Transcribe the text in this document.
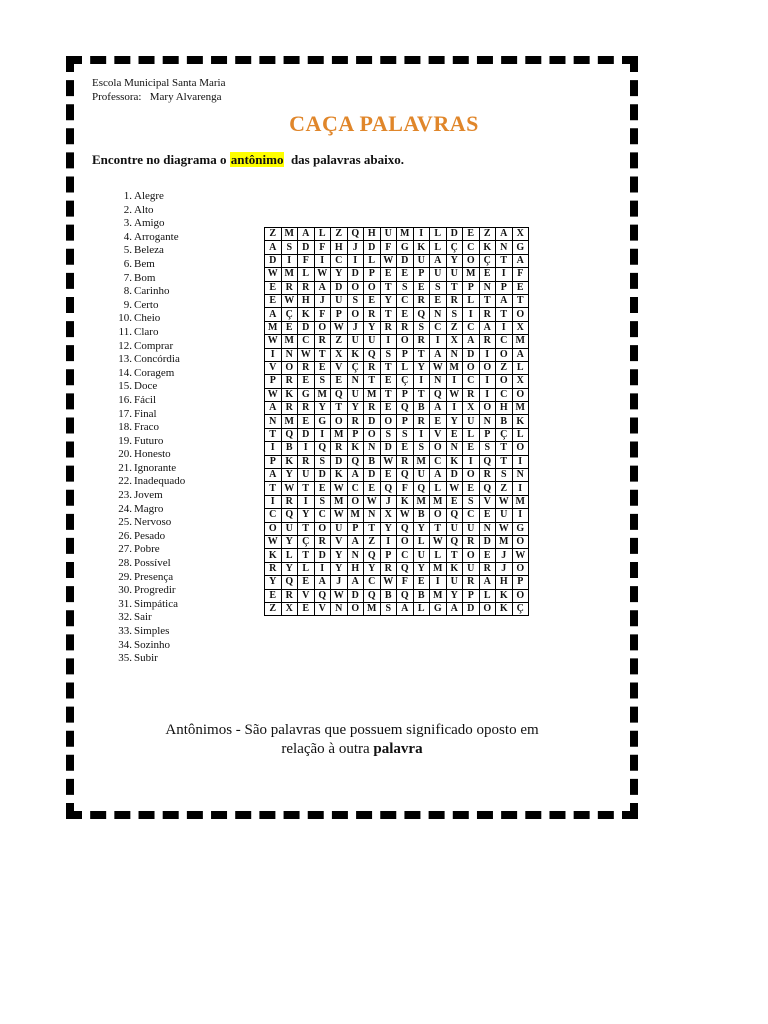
Escola Municipal Santa Maria
Professora: Mary Alvarenga
CAÇA PALAVRAS
Encontre no diagrama o antônimo  das palavras abaixo.
1. Alegre
2. Alto
3. Amigo
4. Arrogante
5. Beleza
6. Bem
7. Bom
8. Carinho
9. Certo
10. Cheio
11. Claro
12. Comprar
13. Concórdia
14. Coragem
15. Doce
16. Fácil
17. Final
18. Fraco
19. Futuro
20. Honesto
21. Ignorante
22. Inadequado
23. Jovem
24. Magro
25. Nervoso
26. Pesado
27. Pobre
28. Possível
29. Presença
30. Progredir
31. Simpática
32. Sair
33. Simples
34. Sozinho
35. Subir
Z	M	A	L	Z	Q	H	U	M	I	L	D	E	Z	A	X
A	S	D	F	H	J	D	F	G	K	L	Ç	C	K	N	G
D	I	F	I	C	I	L	W	D	U	A	Y	O	Ç	T	A
W	M	L	W	Y	D	P	E	E	P	U	U	M	E	I	F
E	R	R	A	D	O	O	T	S	E	S	T	P	N	P	E
E	W	H	J	U	S	E	Y	C	R	E	R	L	T	A	T
A	Ç	K	F	P	O	R	T	E	Q	N	S	I	R	T	O
M	E	D	O	W	J	Y	R	R	S	C	Z	C	A	I	X
W	M	C	R	Z	U	U	I	O	R	I	X	A	R	C	M
I	N	W	T	X	K	Q	S	P	T	A	N	D	I	O	A
V	O	R	E	V	Ç	R	T	L	Y	W	M	O	O	Z	L
P	R	E	S	E	N	T	E	Ç	I	N	I	C	I	O	X
W	K	G	M	Q	U	M	T	P	T	Q	W	R	I	C	O
A	R	R	Y	T	Y	R	E	Q	B	A	I	X	O	H	M
N	M	E	G	O	R	D	O	P	R	E	Y	U	N	B	K
T	Q	D	I	M	P	O	S	S	I	V	E	L	P	Ç	L
I	B	I	Q	R	K	N	D	E	S	O	N	E	S	T	O
P	K	R	S	D	Q	B	W	R	M	C	K	I	Q	T	I
A	Y	U	D	K	A	D	E	Q	U	A	D	O	R	S	N
T	W	T	E	W	C	E	Q	F	Q	L	W	E	Q	Z	I
I	R	I	S	M	O	W	J	K	M	M	E	S	V	W	M
C	Q	Y	C	W	M	N	X	W	B	O	Q	C	E	U	I
O	U	T	O	U	P	T	Y	Q	Y	T	U	U	N	W	G
W	Y	Ç	R	V	A	Z	I	O	L	W	Q	R	D	M	O
K	L	T	D	Y	N	Q	P	C	U	L	T	O	E	J	W
R	Y	L	I	Y	H	Y	R	Q	Y	M	K	U	R	J	O
Y	Q	E	A	J	A	C	W	F	E	I	U	R	A	H	P
E	R	V	Q	W	D	Q	B	Q	B	M	Y	P	L	K	O
Z	X	E	V	N	O	M	S	A	L	G	A	D	O	K	Ç
Antônimos - São palavras que possuem significado oposto em
relação à outra palavra
